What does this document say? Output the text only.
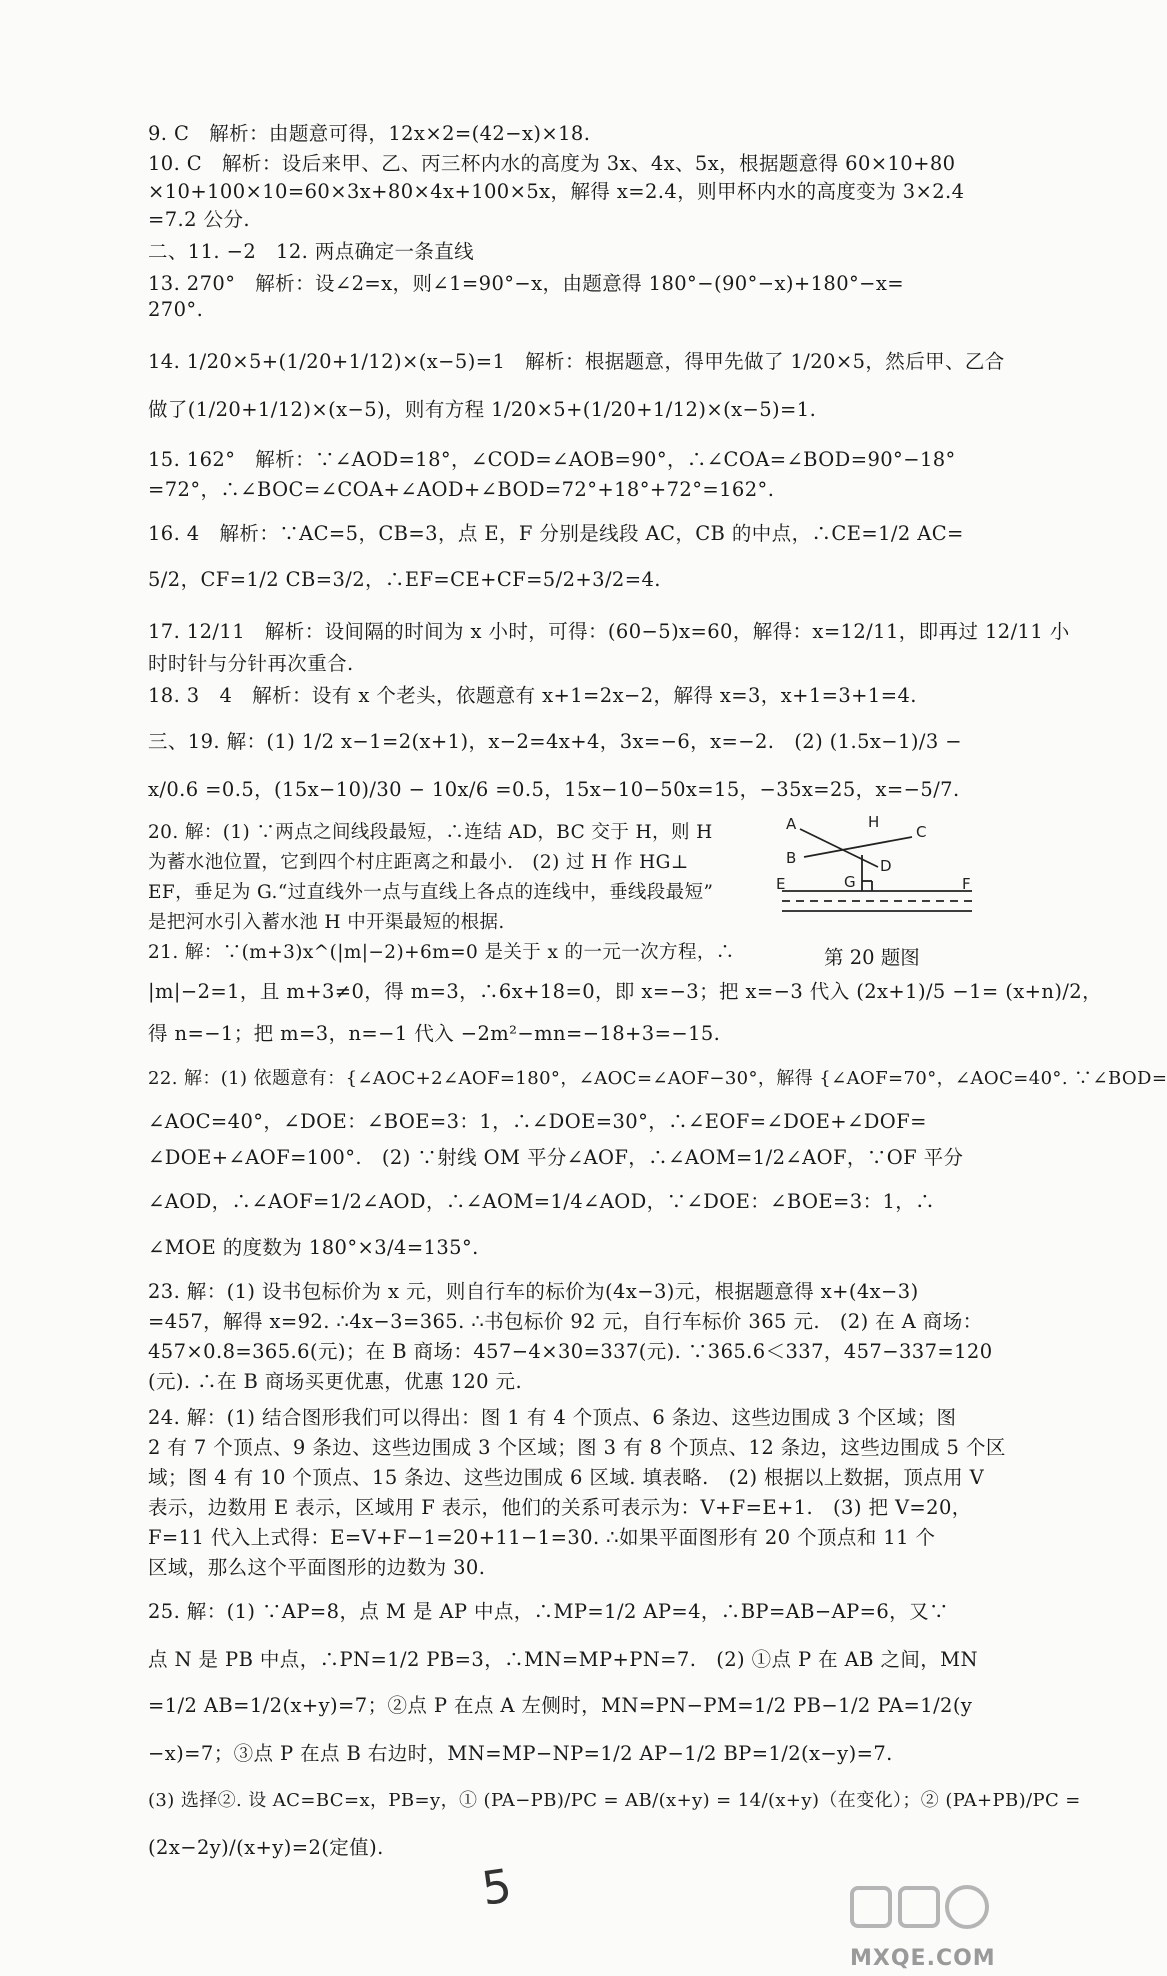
9. C　解析：由题意可得，12x×2=(42−x)×18.
10. C　解析：设后来甲、乙、丙三杯内水的高度为 3x、4x、5x，根据题意得 60×10+80
×10+100×10=60×3x+80×4x+100×5x，解得 x=2.4，则甲杯内水的高度变为 3×2.4
=7.2 公分.
二、11. −2　12. 两点确定一条直线
13. 270°　解析：设∠2=x，则∠1=90°−x，由题意得 180°−(90°−x)+180°−x=
270°.
14. 1/20×5+(1/20+1/12)×(x−5)=1　解析：根据题意，得甲先做了 1/20×5，然后甲、乙合
做了(1/20+1/12)×(x−5)，则有方程 1/20×5+(1/20+1/12)×(x−5)=1.
15. 162°　解析：∵∠AOD=18°，∠COD=∠AOB=90°，∴∠COA=∠BOD=90°−18°
=72°，∴∠BOC=∠COA+∠AOD+∠BOD=72°+18°+72°=162°.
16. 4　解析：∵AC=5，CB=3，点 E，F 分别是线段 AC，CB 的中点，∴CE=1/2 AC=
5/2，CF=1/2 CB=3/2，∴EF=CE+CF=5/2+3/2=4.
17. 12/11　解析：设间隔的时间为 x 小时，可得：(60−5)x=60，解得：x=12/11，即再过 12/11 小
时时针与分针再次重合.
18. 3　4　解析：设有 x 个老头，依题意有 x+1=2x−2，解得 x=3，x+1=3+1=4.
三、19. 解：(1) 1/2 x−1=2(x+1)，x−2=4x+4，3x=−6，x=−2.　(2) (1.5x−1)/3 −
x/0.6 =0.5，(15x−10)/30 − 10x/6 =0.5，15x−10−50x=15，−35x=25，x=−5/7.
20. 解：(1) ∵两点之间线段最短，∴连结 AD，BC 交于 H，则 H
为蓄水池位置，它到四个村庄距离之和最小.　(2) 过 H 作 HG⊥
EF，垂足为 G.“过直线外一点与直线上各点的连线中，垂线段最短”
是把河水引入蓄水池 H 中开渠最短的根据.
21. 解：∵(m+3)x^(|m|−2)+6m=0 是关于 x 的一元一次方程，∴
|m|−2=1，且 m+3≠0，得 m=3，∴6x+18=0，即 x=−3；把 x=−3 代入 (2x+1)/5 −1= (x+n)/2，
得 n=−1；把 m=3，n=−1 代入 −2m²−mn=−18+3=−15.
22. 解：(1) 依题意有：{∠AOC+2∠AOF=180°，∠AOC=∠AOF−30°，解得 {∠AOF=70°，∠AOC=40°. ∵∠BOD=
∠AOC=40°，∠DOE：∠BOE=3：1，∴∠DOE=30°，∴∠EOF=∠DOE+∠DOF=
∠DOE+∠AOF=100°.　(2) ∵射线 OM 平分∠AOF，∴∠AOM=1/2∠AOF，∵OF 平分
∠AOD，∴∠AOF=1/2∠AOD，∴∠AOM=1/4∠AOD，∵∠DOE：∠BOE=3：1，∴
∠MOE 的度数为 180°×3/4=135°.
23. 解：(1) 设书包标价为 x 元，则自行车的标价为(4x−3)元，根据题意得 x+(4x−3)
=457，解得 x=92. ∴4x−3=365. ∴书包标价 92 元，自行车标价 365 元.　(2) 在 A 商场：
457×0.8=365.6(元)；在 B 商场：457−4×30=337(元). ∵365.6＜337，457−337=120
(元). ∴在 B 商场买更优惠，优惠 120 元.
24. 解：(1) 结合图形我们可以得出：图 1 有 4 个顶点、6 条边、这些边围成 3 个区域；图
2 有 7 个顶点、9 条边、这些边围成 3 个区域；图 3 有 8 个顶点、12 条边，这些边围成 5 个区
域；图 4 有 10 个顶点、15 条边、这些边围成 6 区域. 填表略.　(2) 根据以上数据，顶点用 V
表示，边数用 E 表示，区域用 F 表示，他们的关系可表示为：V+F=E+1.　(3) 把 V=20，
F=11 代入上式得：E=V+F−1=20+11−1=30. ∴如果平面图形有 20 个顶点和 11 个
区域，那么这个平面图形的边数为 30.
25. 解：(1) ∵AP=8，点 M 是 AP 中点，∴MP=1/2 AP=4，∴BP=AB−AP=6，又∵
点 N 是 PB 中点，∴PN=1/2 PB=3，∴MN=MP+PN=7.　(2) ①点 P 在 AB 之间，MN
=1/2 AB=1/2(x+y)=7；②点 P 在点 A 左侧时，MN=PN−PM=1/2 PB−1/2 PA=1/2(y
−x)=7；③点 P 在点 B 右边时，MN=MP−NP=1/2 AP−1/2 BP=1/2(x−y)=7.
(3) 选择②. 设 AC=BC=x，PB=y，① (PA−PB)/PC = AB/(x+y) = 14/(x+y)（在变化）；② (PA+PB)/PC =
(2x−2y)/(x+y)=2(定值).
A	H
C
B	D
G
E	F
第 20 题图
5
MXQE.COM
